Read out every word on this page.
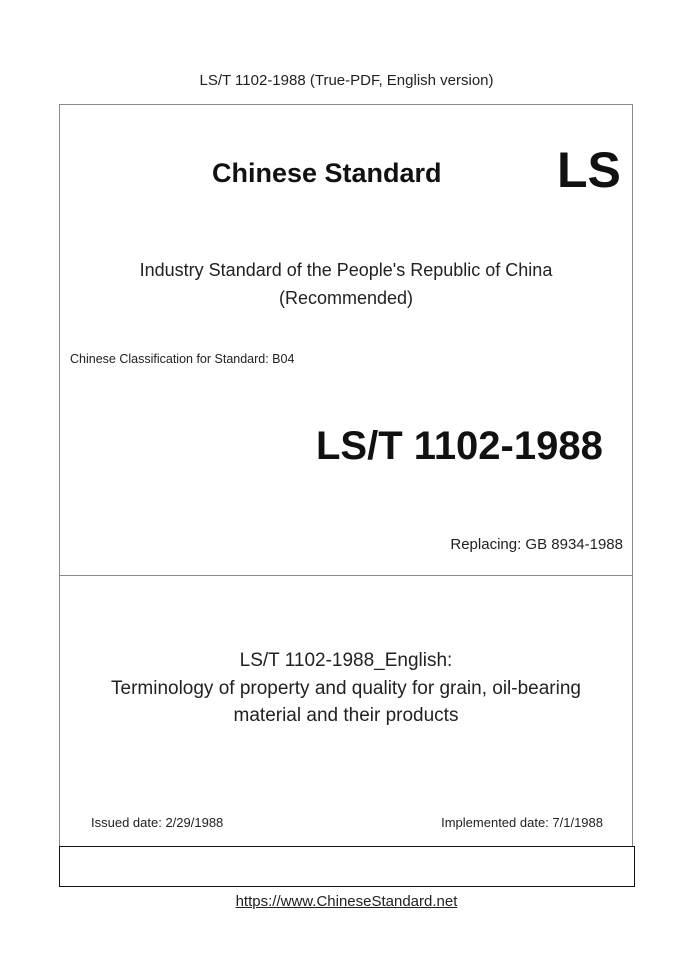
LS/T 1102-1988 (True-PDF, English version)
Chinese Standard LS
Industry Standard of the People's Republic of China
(Recommended)
Chinese Classification for Standard: B04
LS/T 1102-1988
Replacing: GB 8934-1988
LS/T 1102-1988_English:
Terminology of property and quality for grain, oil-bearing
material and their products
Issued date: 2/29/1988	Implemented date: 7/1/1988
https://www.ChineseStandard.net
